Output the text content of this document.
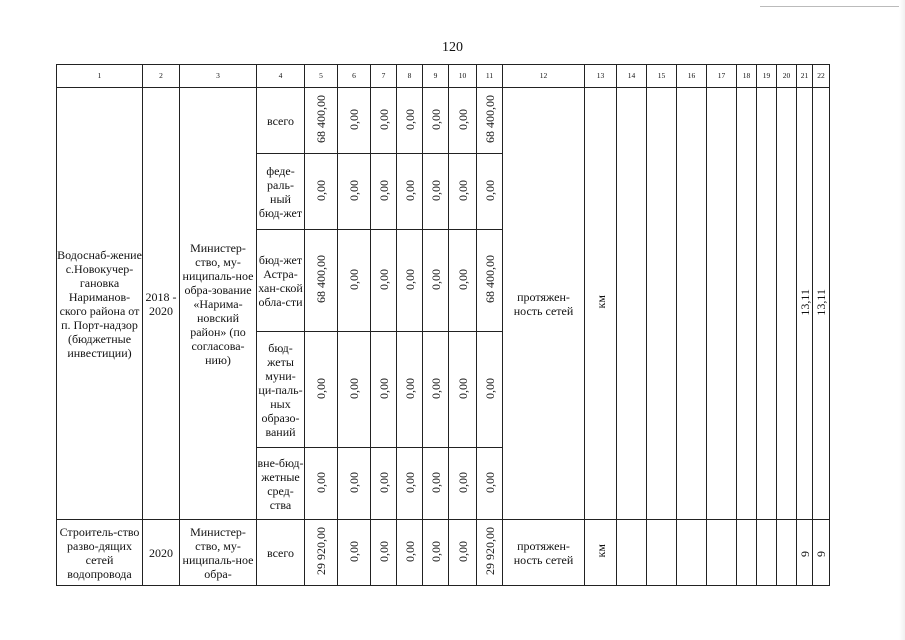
120
1	2	3	4	5	6	7	8	9	10	11	12	13	14	15	16	17	18	19	20	21	22
Водоснаб-жение с.Новокучер-гановка Нариманов-ского района от п. Порт-надзор (бюджетные инвестиции)	2018 - 2020	Министер-ство, му-ниципаль-ное обра-зование «Нарима-новский район» (по согласова-нию)	всего	68 400,00	0,00	0,00	0,00	0,00	0,00	68 400,00	протяжен-ность сетей	км								13,11	13,11
			феде-раль-ный бюд-жет	0,00	0,00	0,00	0,00	0,00	0,00	0,00											
			бюд-жет Астра-хан-ской обла-сти	68 400,00	0,00	0,00	0,00	0,00	0,00	68 400,00											
			бюд-жеты муни-ци-паль-ных образо-ваний	0,00	0,00	0,00	0,00	0,00	0,00	0,00											
			вне-бюд-жетные сред-ства	0,00	0,00	0,00	0,00	0,00	0,00	0,00											
Строитель-ство разво-дящих сетей водопровода	2020	Министер-ство, му-ниципаль-ное обра-	всего	29 920,00	0,00	0,00	0,00	0,00	0,00	29 920,00	протяжен-ность сетей	км								9	9
